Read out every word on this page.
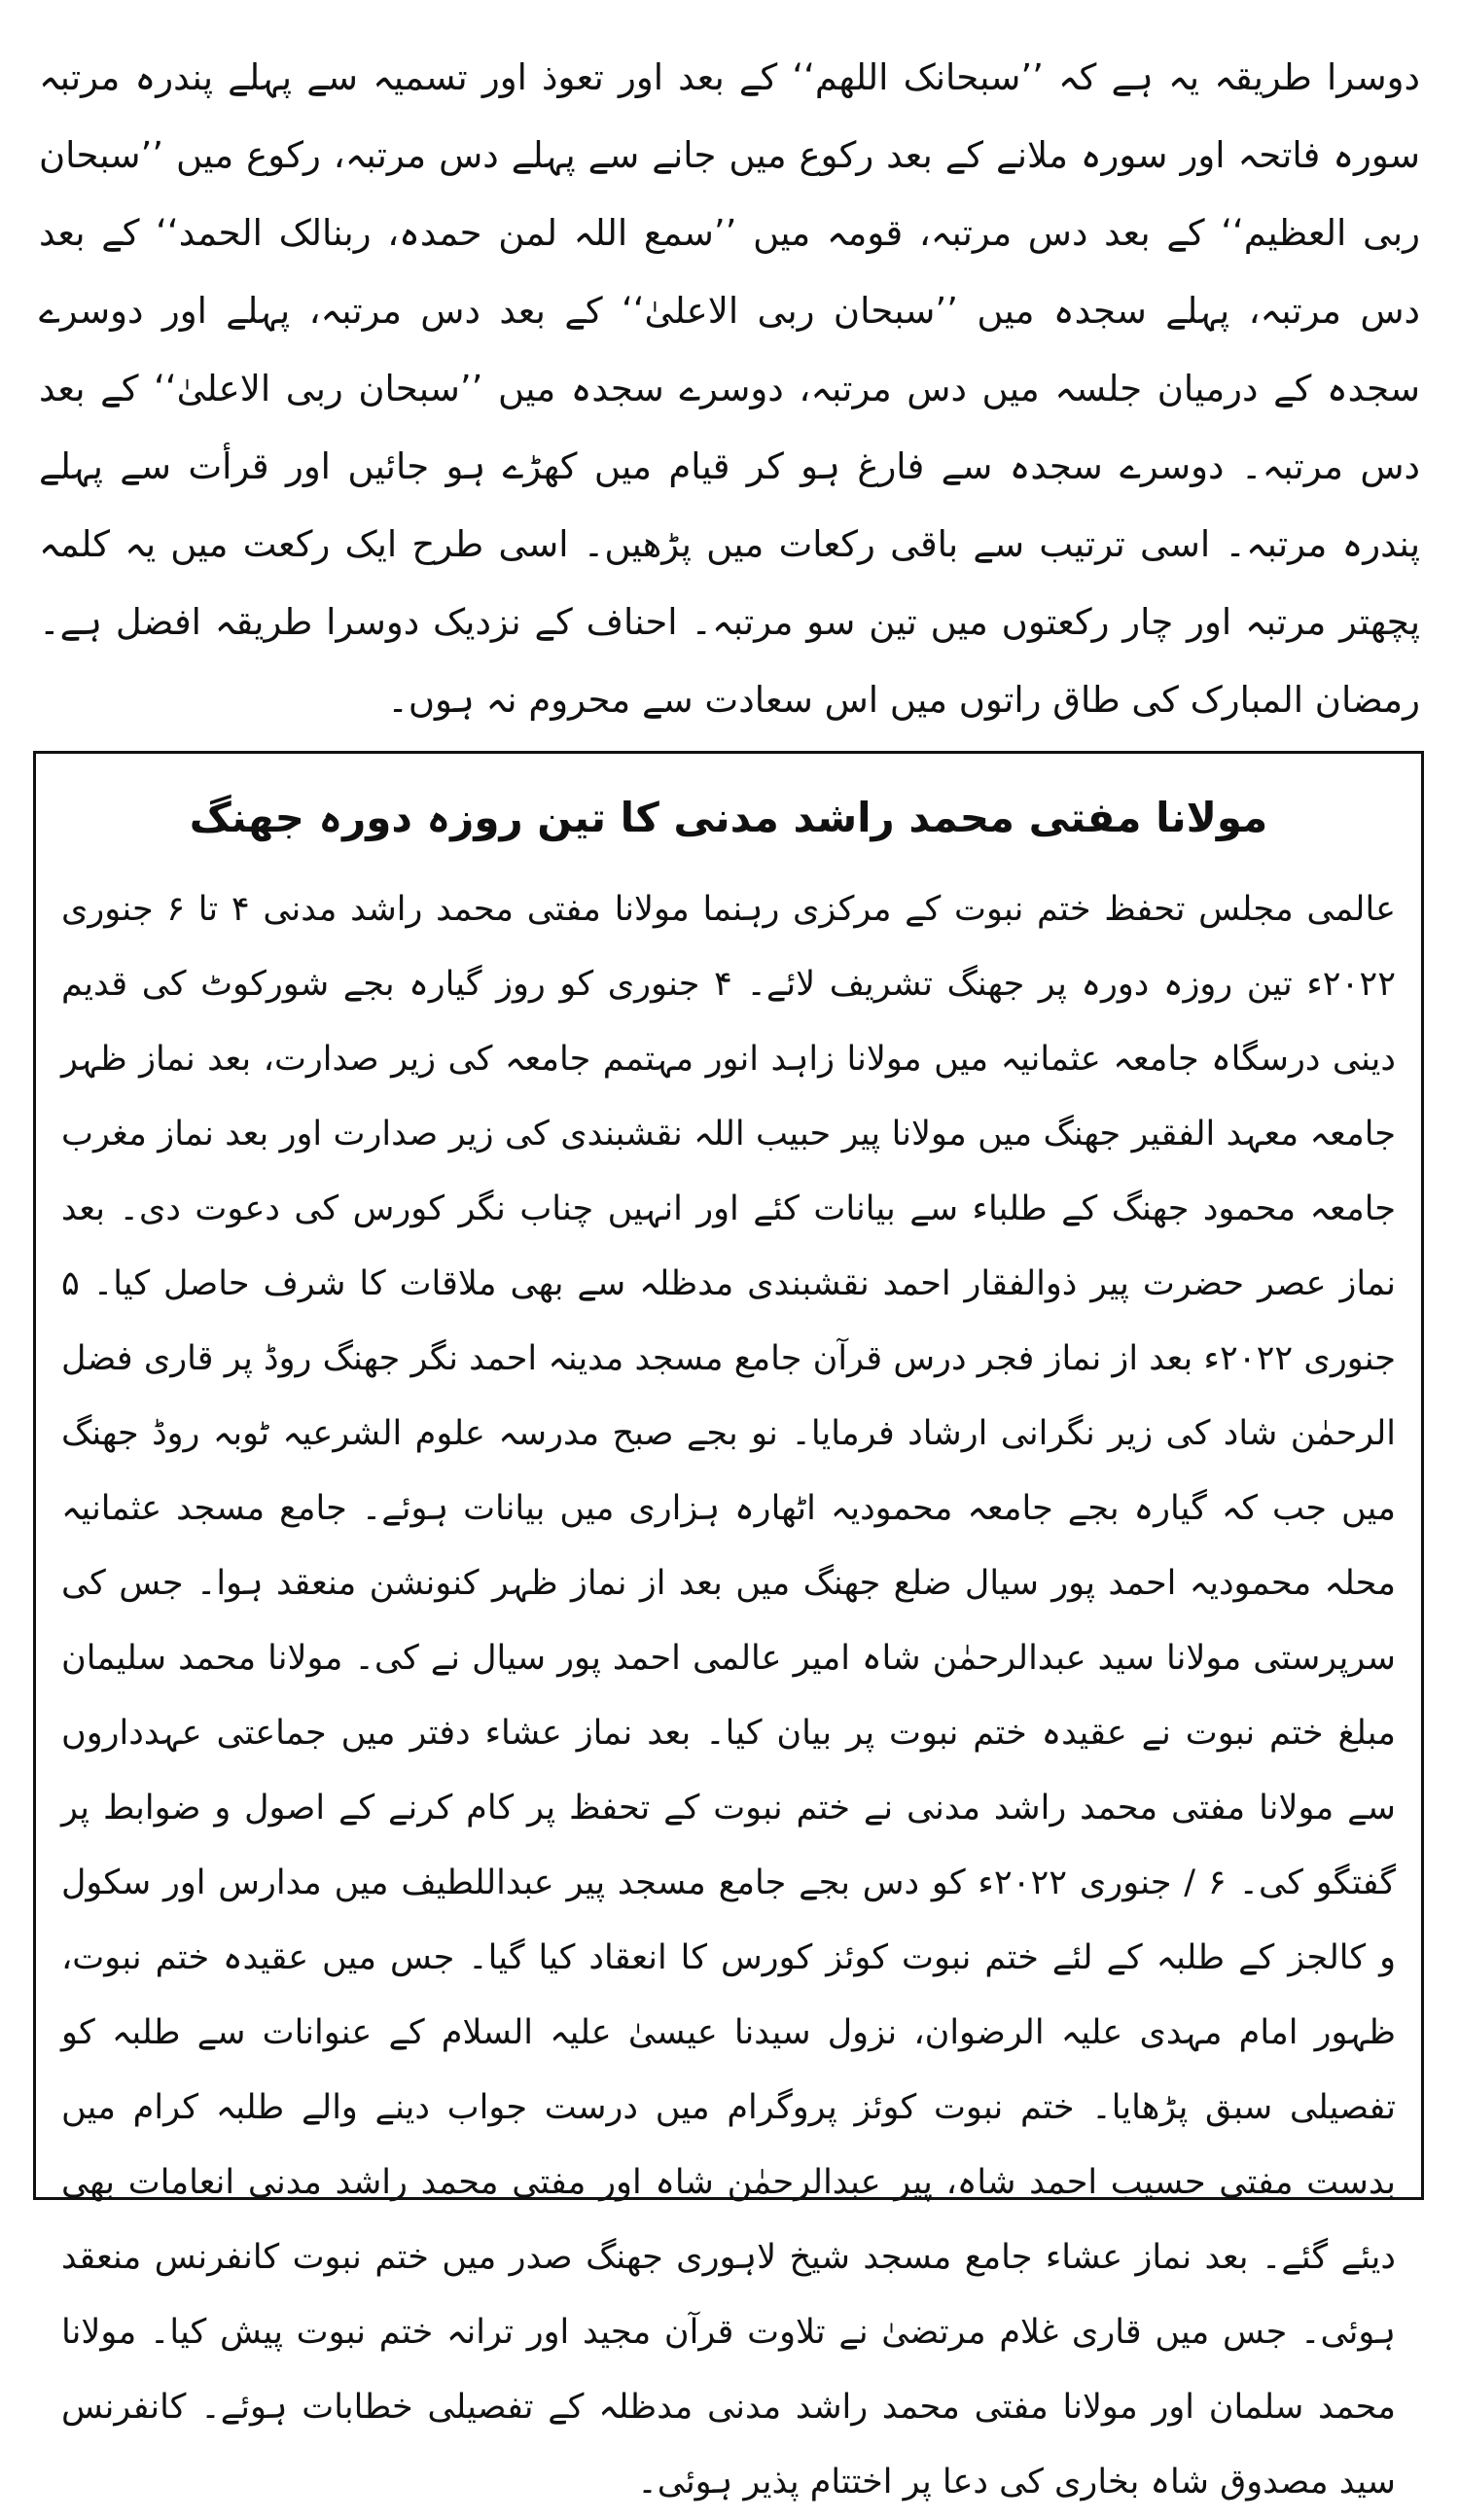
دوسرا طریقہ یہ ہے کہ ’’سبحانک اللھم‘‘ کے بعد اور تعوذ اور تسمیہ سے پہلے پندرہ مرتبہ سورہ فاتحہ اور سورہ ملانے کے بعد رکوع میں جانے سے پہلے دس مرتبہ، رکوع میں ’’سبحان ربی العظیم‘‘ کے بعد دس مرتبہ، قومہ میں ’’سمع اللہ لمن حمدہ، ربنالک الحمد‘‘ کے بعد دس مرتبہ، پہلے سجدہ میں ’’سبحان ربی الاعلیٰ‘‘ کے بعد دس مرتبہ، پہلے اور دوسرے سجدہ کے درمیان جلسہ میں دس مرتبہ، دوسرے سجدہ میں ’’سبحان ربی الاعلیٰ‘‘ کے بعد دس مرتبہ۔ دوسرے سجدہ سے فارغ ہو کر قیام میں کھڑے ہو جائیں اور قرأت سے پہلے پندرہ مرتبہ۔ اسی ترتیب سے باقی رکعات میں پڑھیں۔ اسی طرح ایک رکعت میں یہ کلمہ پچھتر مرتبہ اور چار رکعتوں میں تین سو مرتبہ۔ احناف کے نزدیک دوسرا طریقہ افضل ہے۔ رمضان المبارک کی طاق راتوں میں اس سعادت سے محروم نہ ہوں۔

مولانا مفتی محمد راشد مدنی کا تین روزہ دورہ جھنگ

عالمی مجلس تحفظ ختم نبوت کے مرکزی رہنما مولانا مفتی محمد راشد مدنی ۴ تا ۶ جنوری ۲۰۲۲ء تین روزہ دورہ پر جھنگ تشریف لائے۔ ۴ جنوری کو روز گیارہ بجے شورکوٹ کی قدیم دینی درسگاہ جامعہ عثمانیہ میں مولانا زاہد انور مہتمم جامعہ کی زیر صدارت، بعد نماز ظہر جامعہ معہد الفقیر جھنگ میں مولانا پیر حبیب اللہ نقشبندی کی زیر صدارت اور بعد نماز مغرب جامعہ محمود جھنگ کے طلباء سے بیانات کئے اور انہیں چناب نگر کورس کی دعوت دی۔ بعد نماز عصر حضرت پیر ذوالفقار احمد نقشبندی مدظلہ سے بھی ملاقات کا شرف حاصل کیا۔ ۵ جنوری ۲۰۲۲ء بعد از نماز فجر درس قرآن جامع مسجد مدینہ احمد نگر جھنگ روڈ پر قاری فضل الرحمٰن شاد کی زیر نگرانی ارشاد فرمایا۔ نو بجے صبح مدرسہ علوم الشرعیہ ٹوبہ روڈ جھنگ میں جب کہ گیارہ بجے جامعہ محمودیہ اٹھارہ ہزاری میں بیانات ہوئے۔ جامع مسجد عثمانیہ محلہ محمودیہ احمد پور سیال ضلع جھنگ میں بعد از نماز ظہر کنونشن منعقد ہوا۔ جس کی سرپرستی مولانا سید عبدالرحمٰن شاہ امیر عالمی احمد پور سیال نے کی۔ مولانا محمد سلیمان مبلغ ختم نبوت نے عقیدہ ختم نبوت پر بیان کیا۔ بعد نماز عشاء دفتر میں جماعتی عہدداروں سے مولانا مفتی محمد راشد مدنی نے ختم نبوت کے تحفظ پر کام کرنے کے اصول و ضوابط پر گفتگو کی۔ ۶ / جنوری ۲۰۲۲ء کو دس بجے جامع مسجد پیر عبداللطیف میں مدارس اور سکول و کالجز کے طلبہ کے لئے ختم نبوت کوئز کورس کا انعقاد کیا گیا۔ جس میں عقیدہ ختم نبوت، ظہور امام مہدی علیہ الرضوان، نزول سیدنا عیسیٰ علیہ السلام کے عنوانات سے طلبہ کو تفصیلی سبق پڑھایا۔ ختم نبوت کوئز پروگرام میں درست جواب دینے والے طلبہ کرام میں بدست مفتی حسیب احمد شاہ، پیر عبدالرحمٰن شاہ اور مفتی محمد راشد مدنی انعامات بھی دیئے گئے۔ بعد نماز عشاء جامع مسجد شیخ لاہوری جھنگ صدر میں ختم نبوت کانفرنس منعقد ہوئی۔ جس میں قاری غلام مرتضیٰ نے تلاوت قرآن مجید اور ترانہ ختم نبوت پیش کیا۔ مولانا محمد سلمان اور مولانا مفتی محمد راشد مدنی مدظلہ کے تفصیلی خطابات ہوئے۔ کانفرنس سید مصدوق شاہ بخاری کی دعا پر اختتام پذیر ہوئی۔
